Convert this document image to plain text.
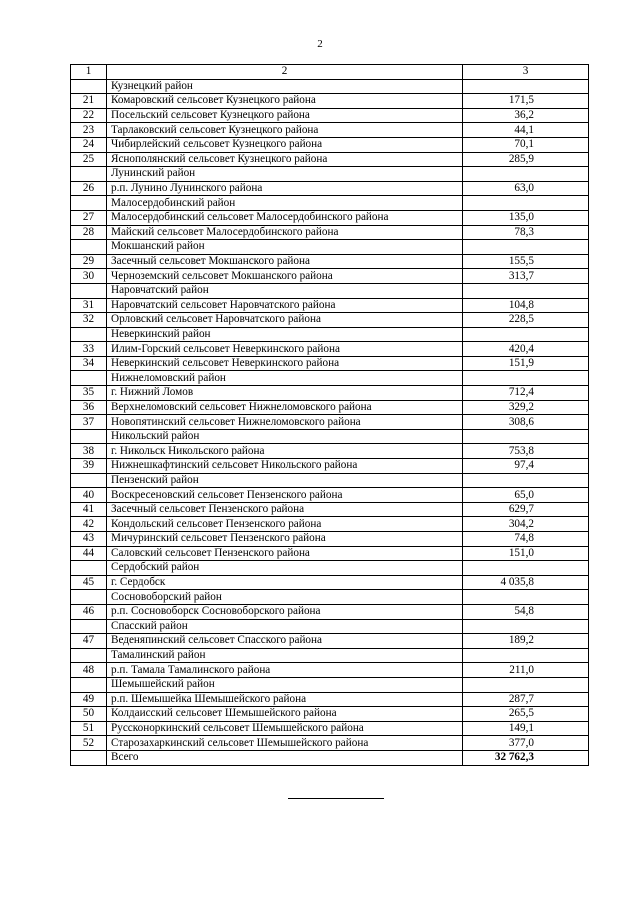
2
1	2	3
	Кузнецкий район	
21	Комаровский сельсовет Кузнецкого района	171,5
22	Посельский сельсовет Кузнецкого района	36,2
23	Тарлаковский сельсовет Кузнецкого района	44,1
24	Чибирлейский сельсовет Кузнецкого района	70,1
25	Яснополянский сельсовет Кузнецкого района	285,9
	Лунинский район	
26	р.п. Лунино Лунинского района	63,0
	Малосердобинский район	
27	Малосердобинский сельсовет Малосердобинского района	135,0
28	Майский сельсовет Малосердобинского района	78,3
	Мокшанский район	
29	Засечный сельсовет Мокшанского района	155,5
30	Черноземский сельсовет Мокшанского района	313,7
	Наровчатский район	
31	Наровчатский сельсовет Наровчатского района	104,8
32	Орловский сельсовет Наровчатского района	228,5
	Неверкинский район	
33	Илим-Горский сельсовет Неверкинского района	420,4
34	Неверкинский сельсовет Неверкинского района	151,9
	Нижнеломовский район	
35	г. Нижний Ломов	712,4
36	Верхнеломовский сельсовет Нижнеломовского района	329,2
37	Новопятинский сельсовет Нижнеломовского района	308,6
	Никольский район	
38	г. Никольск Никольского района	753,8
39	Нижнешкафтинский сельсовет Никольского района	97,4
	Пензенский район	
40	Воскресеновский сельсовет Пензенского района	65,0
41	Засечный сельсовет Пензенского района	629,7
42	Кондольский сельсовет Пензенского района	304,2
43	Мичуринский сельсовет Пензенского района	74,8
44	Саловский сельсовет Пензенского района	151,0
	Сердобский район	
45	г. Сердобск	4 035,8
	Сосновоборский район	
46	р.п. Сосновоборск Сосновоборского района	54,8
	Спасский район	
47	Веденяпинский сельсовет Спасского района	189,2
	Тамалинский район	
48	р.п. Тамала Тамалинского района	211,0
	Шемышейский район	
49	р.п. Шемышейка Шемышейского района	287,7
50	Колдаисский сельсовет Шемышейского района	265,5
51	Руссконоркинский сельсовет Шемышейского района	149,1
52	Старозахаркинский сельсовет Шемышейского района	377,0
	Всего	32 762,3
